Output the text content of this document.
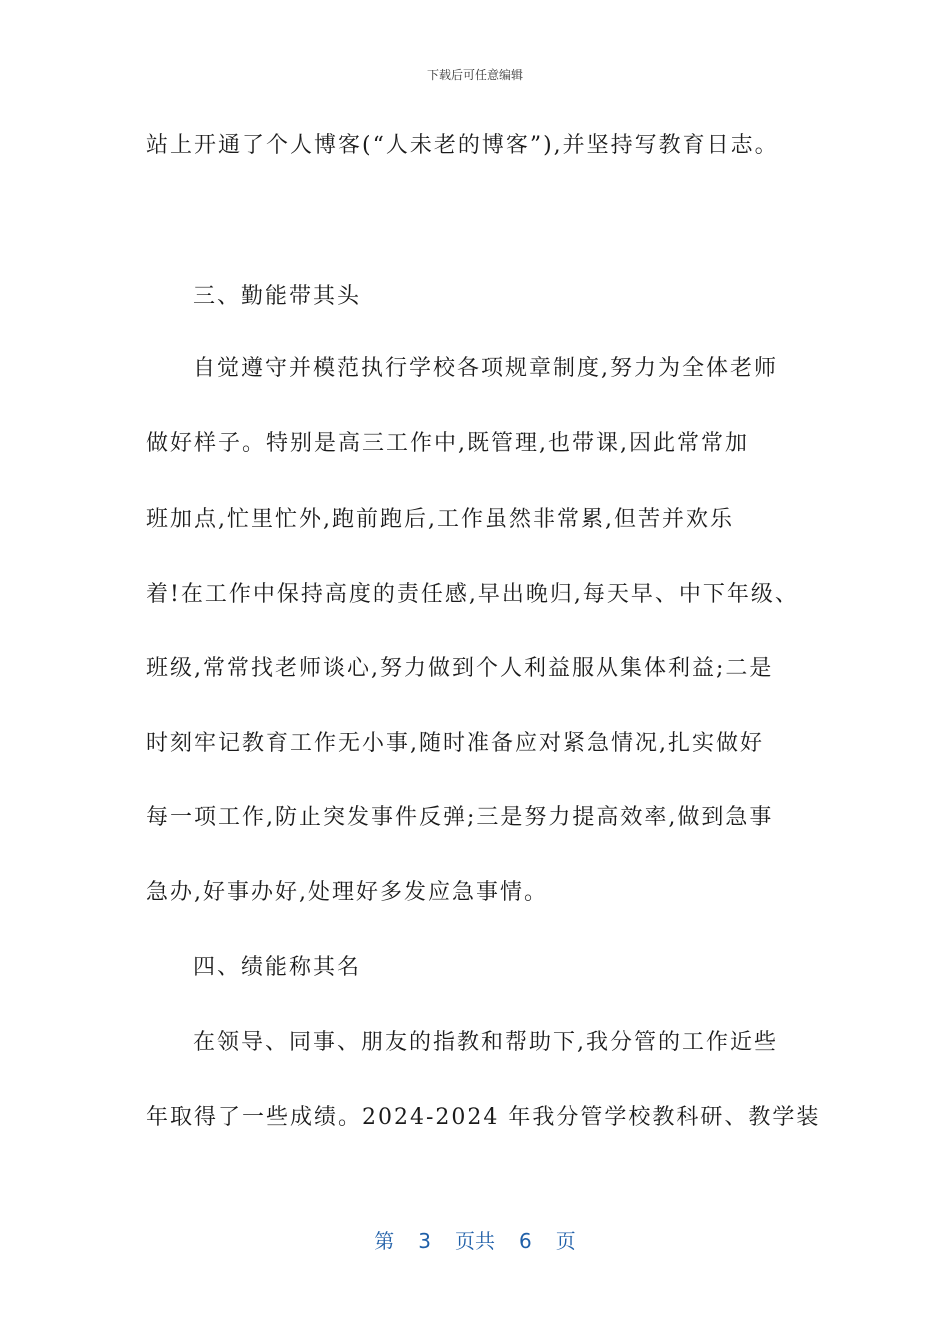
下载后可任意编辑
站上开通了个人博客(“人未老的博客”),并坚持写教育日志。
三、勤能带其头
自觉遵守并模范执行学校各项规章制度,努力为全体老师
做好样子。特别是高三工作中,既管理,也带课,因此常常加
班加点,忙里忙外,跑前跑后,工作虽然非常累,但苦并欢乐
着!在工作中保持高度的责任感,早出晚归,每天早、中下年级、
班级,常常找老师谈心,努力做到个人利益服从集体利益;二是
时刻牢记教育工作无小事,随时准备应对紧急情况,扎实做好
每一项工作,防止突发事件反弹;三是努力提高效率,做到急事
急办,好事办好,处理好多发应急事情。
四、绩能称其名
在领导、同事、朋友的指教和帮助下,我分管的工作近些
年取得了一些成绩。2024-2024 年我分管学校教科研、教学装
第 3 页共 6 页
